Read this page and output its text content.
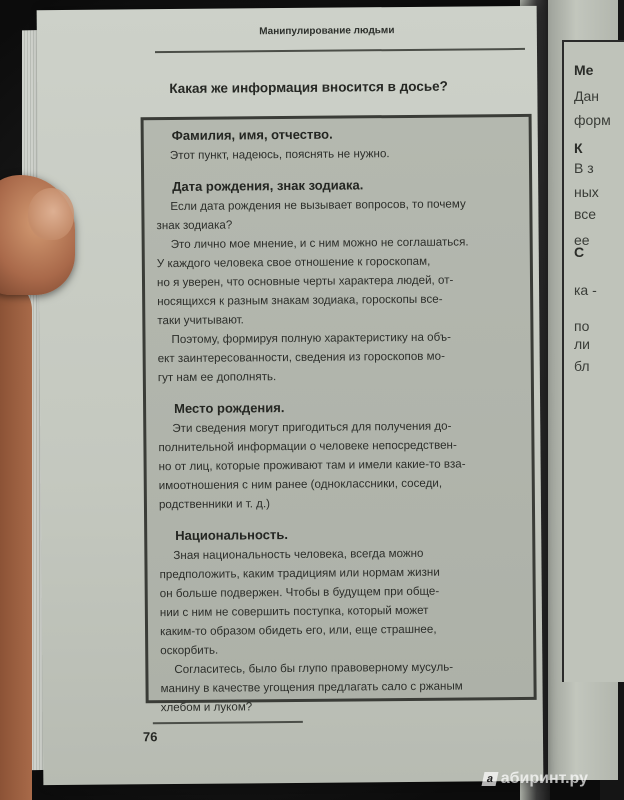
Ме
Дан
форм
К
В з
ных
все
ее
С
ка -
по
ли
бл
Манипулирование людьми
Какая же информация вносится в досье?
Фамилия, имя, отчество.

Этот пункт, надеюсь, пояснять не нужно.

Дата рождения, знак зодиака.

Если дата рождения не вызывает вопросов, то почему
знак зодиака?

Это лично мое мнение, и с ним можно не соглашаться.
У каждого человека свое отношение к гороскопам,
но я уверен, что основные черты характера людей, от-
носящихся к разным знакам зодиака, гороскопы все-
таки учитывают.

Поэтому, формируя полную характеристику на объ-
ект заинтересованности, сведения из гороскопов мо-
гут нам ее дополнять.

Место рождения.

Эти сведения могут пригодиться для получения до-
полнительной информации о человеке непосредствен-
но от лиц, которые проживают там и имели какие-то вза-
имоотношения с ним ранее (одноклассники, соседи,
родственники и т. д.)

Национальность.

Зная национальность человека, всегда можно
предположить, каким традициям или нормам жизни
он больше подвержен. Чтобы в будущем при обще-
нии с ним не совершить поступка, который может
каким-то образом обидеть его, или, еще страшнее,
оскорбить.

Согласитесь, было бы глупо правоверному мусуль-
манину в качестве угощения предлагать сало с ржаным
хлебом и луком?

76
a абиринт.ру
